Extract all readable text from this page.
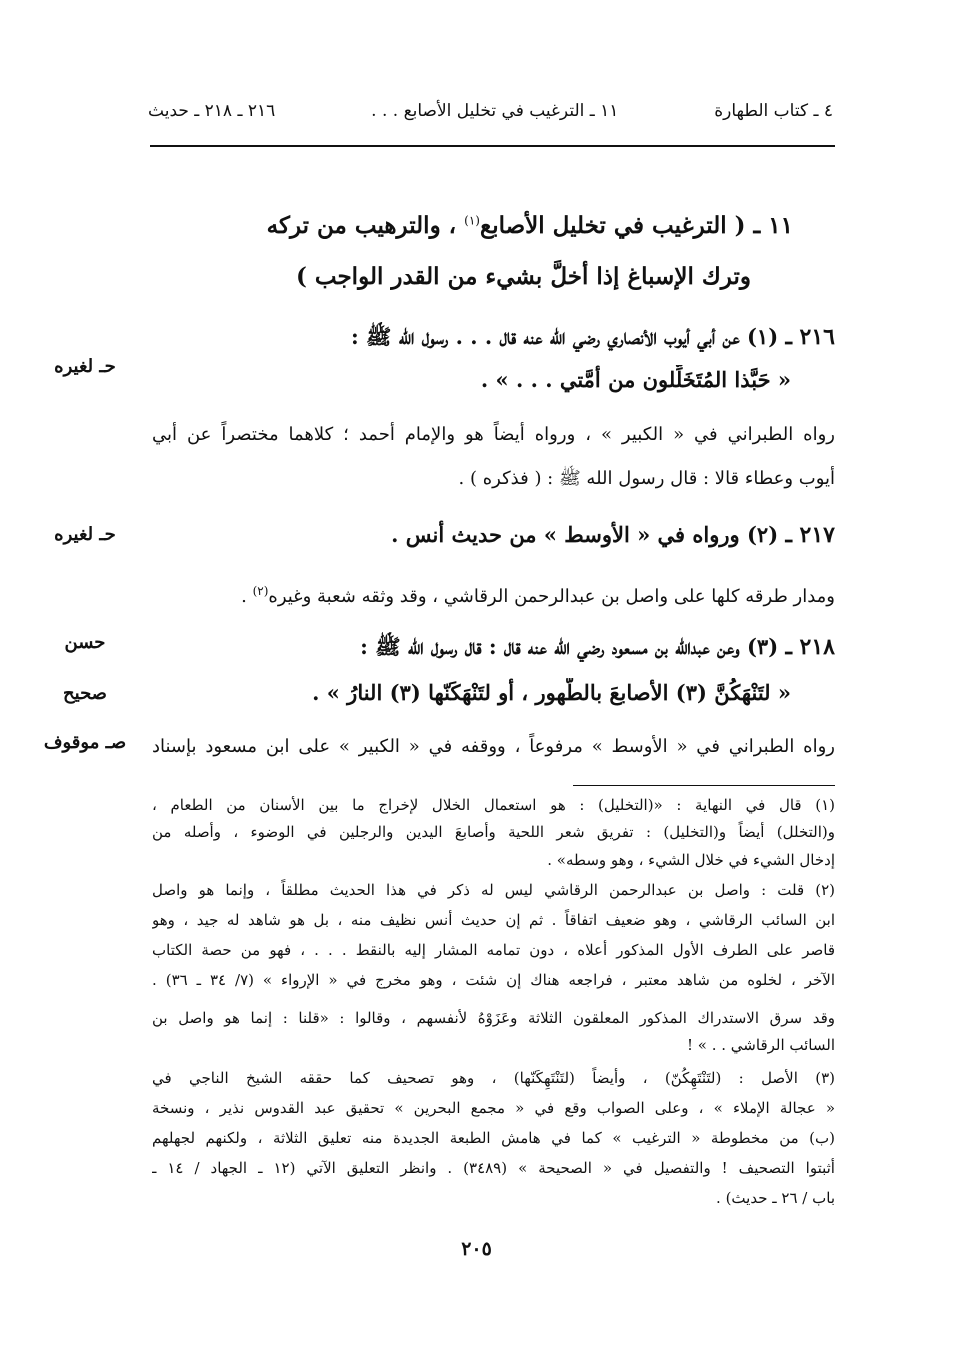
٤ ـ كتاب الطهارة
١١ ـ الترغيب في تخليل الأصابع . . .
٢١٦ ـ ٢١٨ ـ حديث
١١ ـ ( الترغيب في تخليل الأصابع$^{(١)}$ ، والترهيب من تركه
وترك الإسباغ إذا أخلَّ بشيء من القدر الواجب )
٢١٦ ـ (١) عن أبي أيوب الأنصاري رضي الله عنه قال . . . رسول الله ﷺ :
حـ لغيره
« حَبَّذا المُتَخَلِّلون من أمَّتي . . . » .
رواه الطبراني في « الكبير » ، ورواه أيضاً هو والإمام أحمد ؛ كلاهما مختصراً عن أبي
أيوب وعطاء قالا : قال رسول الله ﷺ : ( فذكره ) .
٢١٧ ـ (٢) ورواه في « الأوسط » من حديث أنس .
حـ لغيره
ومدار طرقه كلها على واصل بن عبدالرحمن الرقاشي ، وقد وثقه شعبة وغيره$^{(٢)}$ .
٢١٨ ـ (٣) وعن عبدالله بن مسعود رضي الله عنه قال : قال رسول الله ﷺ :
حسن
« لتَنْهَكُنَّ (٣) الأصابعَ بالطَّهور ، أو لتَنْهَكَنّها (٣) النارُ » .
صحيح
رواه الطبراني في « الأوسط » مرفوعاً ، ووقفه في « الكبير » على ابن مسعود بإسناد
صـ موقوف
(١) قال في النهاية : «(التخليل) : هو استعمال الخلال لإخراج ما بين الأسنان من الطعام ،
و(التخلل) أيضاً و(التخليل) : تفريق شعر اللحية وأصابعَ اليدين والرجلين في الوضوء ، وأصله من
إدخال الشيء في خلال الشيء ، وهو وسطه» .
(٢) قلت : واصل بن عبدالرحمن الرقاشي ليس له ذكر في هذا الحديث مطلقاً ، وإنما هو واصل
ابن السائب الرقاشي ، وهو ضعيف اتفاقاً . ثم إن حديث أنس نظيف منه ، بل هو شاهد له جيد ، وهو
قاصر على الطرف الأول المذكور أعلاه ، دون تمامه المشار إليه بالنقط . . . ، فهو من حصة الكتاب
الآخر ، لخلوه من شاهد معتبر ، فراجعه هناك إن شئت ، وهو مخرج في « الإرواء » (٧/ ٣٤ ـ ٣٦) .
وقد سرق الاستدراك المذكور المعلقون الثلاثة وعَزَوْهُ لأنفسهم ، وقالوا : «قلنا : إنما هو واصل بن
السائب الرقاشي . . » !
(٣) الأصل : (لتَنْتَهِكُنّ) ، وأيضاً (لتَنْتَهِكَنّها) ، وهو تصحيف كما حققه الشيخ الناجي في
« عجالة الإملاء » ، وعلى الصواب وقع في « مجمع البحرين » تحقيق عبد القدوس نذير ، ونسخة
(ب) من مخطوطة « الترغيب » كما في هامش الطبعة الجديدة منه تعليق الثلاثة ، ولكنهم لجهلهم
أثبتوا التصحيف ! والتفصيل في « الصحيحة » (٣٤٨٩) . وانظر التعليق الآتي (١٢ ـ الجهاد / ١٤ ـ
باب / ٢٦ ـ حديث) .
٢٠٥
